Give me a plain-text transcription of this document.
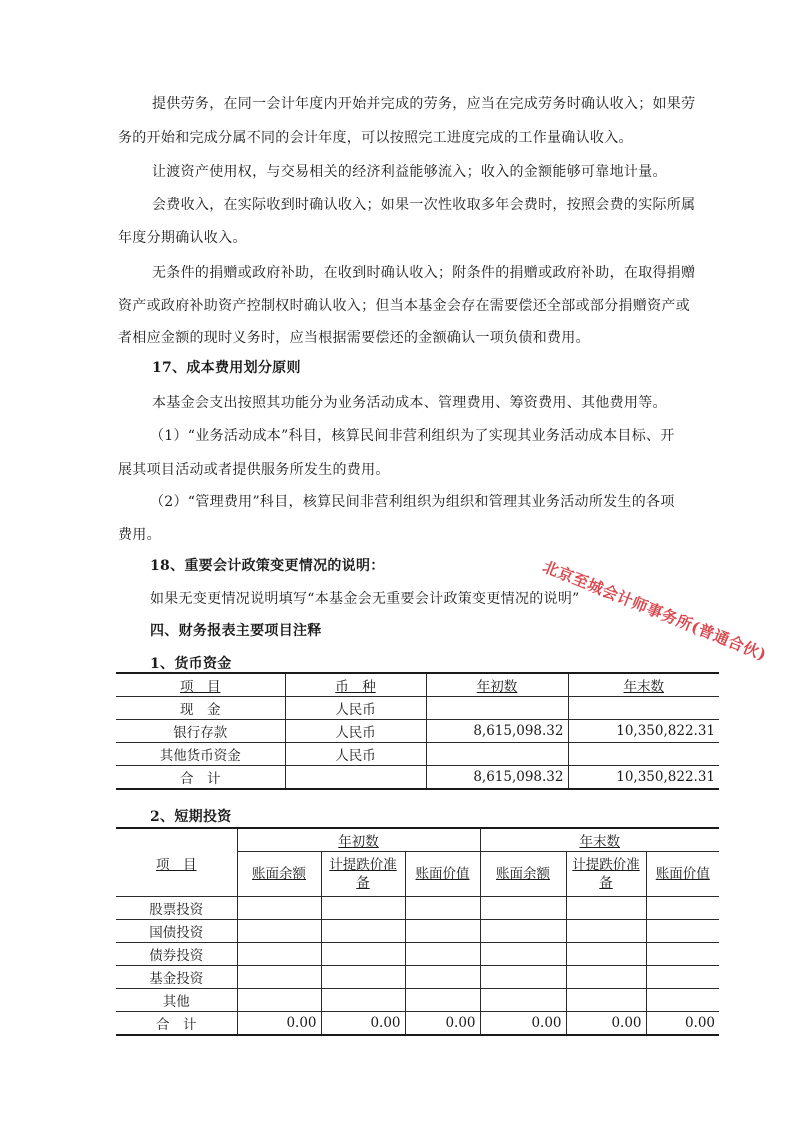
提供劳务，在同一会计年度内开始并完成的劳务，应当在完成劳务时确认收入；如果劳
务的开始和完成分属不同的会计年度，可以按照完工进度完成的工作量确认收入。
让渡资产使用权，与交易相关的经济利益能够流入；收入的金额能够可靠地计量。
会费收入，在实际收到时确认收入；如果一次性收取多年会费时，按照会费的实际所属
年度分期确认收入。
无条件的捐赠或政府补助，在收到时确认收入；附条件的捐赠或政府补助，在取得捐赠
资产或政府补助资产控制权时确认收入；但当本基金会存在需要偿还全部或部分捐赠资产或
者相应金额的现时义务时，应当根据需要偿还的金额确认一项负债和费用。
17、成本费用划分原则
本基金会支出按照其功能分为业务活动成本、管理费用、筹资费用、其他费用等。
（1）“业务活动成本”科目，核算民间非营利组织为了实现其业务活动成本目标、开
展其项目活动或者提供服务所发生的费用。
（2）“管理费用”科目，核算民间非营利组织为组织和管理其业务活动所发生的各项
费用。
18、重要会计政策变更情况的说明：
如果无变更情况说明填写“本基金会无重要会计政策变更情况的说明”
四、财务报表主要项目注释	北京至城会计师事务所(普通合伙)
1、货币资金
项　目	币　种	年初数	年末数
现　金	人民币		
银行存款	人民币	8,615,098.32	10,350,822.31
其他货币资金	人民币		
合　计		8,615,098.32	10,350,822.31
2、短期投资
项　目	年初数			年末数		
	账面余额	计提跌价准备	账面价值	账面余额	计提跌价准备	账面价值
股票投资						
国债投资						
债券投资						
基金投资						
其他						
合　计	0.00	0.00	0.00	0.00	0.00	0.00
